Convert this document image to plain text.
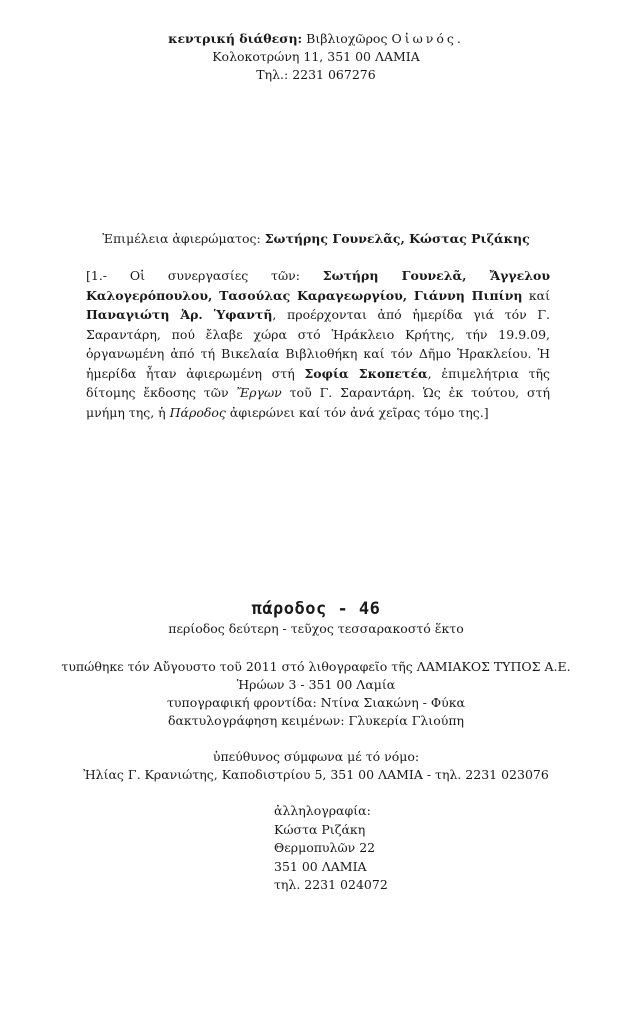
κεντρική διάθεση: Βιβλιοχῶρος Οἰωνός.
Κολοκοτρώνη 11, 351 00 ΛΑΜΙΑ
Τηλ.: 2231 067276
Ἐπιμέλεια ἀφιερώματος: Σωτήρης Γουνελᾶς, Κώστας Ριζάκης
[1.- Οἱ συνεργασίες τῶν: Σωτήρη Γουνελᾶ, Ἄγγελου Καλογερόπουλου, Τασούλας Καραγεωργίου, Γιάννη Πιπίνη καί Παναγιώτη Ἀρ. Ὑφαντῆ, προέρχονται ἀπό ἡμερίδα γιά τόν Γ. Σαραντάρη, πού ἔλαβε χώρα στό Ἡράκλειο Κρήτης, τήν 19.9.09, ὀργανωμένη ἀπό τή Βικελαία Βιβλιοθήκη καί τόν Δῆμο Ἡρακλείου. Ἡ ἡμερίδα ἦταν ἀφιερωμένη στή Σοφία Σκοπετέα, ἐπιμελήτρια τῆς δίτομης ἔκδοσης τῶν Ἔργων τοῦ Γ. Σαραντάρη. Ὡς ἐκ τούτου, στή μνήμη της, ἡ Πάροδος ἀφιερώνει καί τόν ἀνά χεῖρας τόμο της.]
πάροδος - 46
περίοδος δεύτερη - τεῦχος τεσσαρακοστό ἕκτο
τυπώθηκε τόν Αὔγουστο τοῦ 2011 στό λιθογραφεῖο τῆς ΛΑΜΙΑΚΟΣ ΤΥΠΟΣ Α.Ε.
Ἡρώων 3 - 351 00 Λαμία
τυπογραφική φροντίδα: Ντίνα Σιακώνη - Φύκα
δακτυλογράφηση κειμένων: Γλυκερία Γλιούπη
ὑπεύθυνος σύμφωνα μέ τό νόμο:
Ἠλίας Γ. Κρανιώτης, Καποδιστρίου 5, 351 00 ΛΑΜΙΑ - τηλ. 2231 023076
ἀλληλογραφία:
Κώστα Ριζάκη
Θερμοπυλῶν 22
351 00 ΛΑΜΙΑ
τηλ. 2231 024072
